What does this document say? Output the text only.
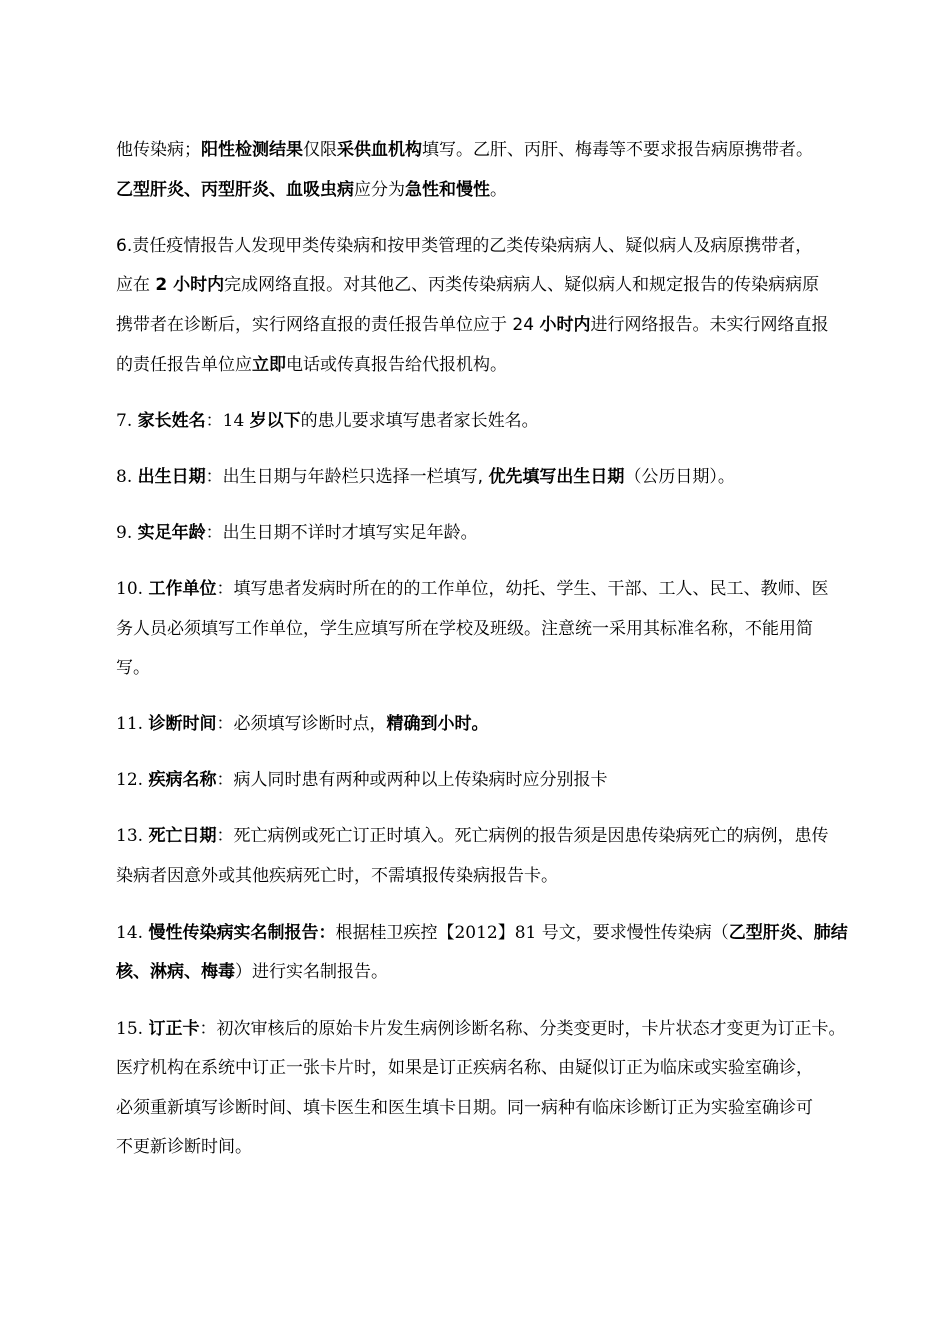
他传染病；阳性检测结果仅限采供血机构填写。乙肝、丙肝、梅毒等不要求报告病原携带者。
乙型肝炎、丙型肝炎、血吸虫病应分为急性和慢性。
6.责任疫情报告人发现甲类传染病和按甲类管理的乙类传染病病人、疑似病人及病原携带者，
应在 2 小时内完成网络直报。对其他乙、丙类传染病病人、疑似病人和规定报告的传染病病原
携带者在诊断后，实行网络直报的责任报告单位应于 24 小时内进行网络报告。未实行网络直报
的责任报告单位应立即电话或传真报告给代报机构。
7. 家长姓名：14 岁以下的患儿要求填写患者家长姓名。
8. 出生日期：出生日期与年龄栏只选择一栏填写, 优先填写出生日期（公历日期）。
9. 实足年龄：出生日期不详时才填写实足年龄。
10. 工作单位：填写患者发病时所在的的工作单位，幼托、学生、干部、工人、民工、教师、医
务人员必须填写工作单位，学生应填写所在学校及班级。注意统一采用其标准名称，不能用简
写。
11. 诊断时间：必须填写诊断时点，精确到小时。
12. 疾病名称：病人同时患有两种或两种以上传染病时应分别报卡
13. 死亡日期：死亡病例或死亡订正时填入。死亡病例的报告须是因患传染病死亡的病例，患传
染病者因意外或其他疾病死亡时，不需填报传染病报告卡。
14. 慢性传染病实名制报告：根据桂卫疾控【2012】81 号文，要求慢性传染病（乙型肝炎、肺结
核、淋病、梅毒）进行实名制报告。
15. 订正卡：初次审核后的原始卡片发生病例诊断名称、分类变更时，卡片状态才变更为订正卡。
医疗机构在系统中订正一张卡片时，如果是订正疾病名称、由疑似订正为临床或实验室确诊，
必须重新填写诊断时间、填卡医生和医生填卡日期。同一病种有临床诊断订正为实验室确诊可
不更新诊断时间。
